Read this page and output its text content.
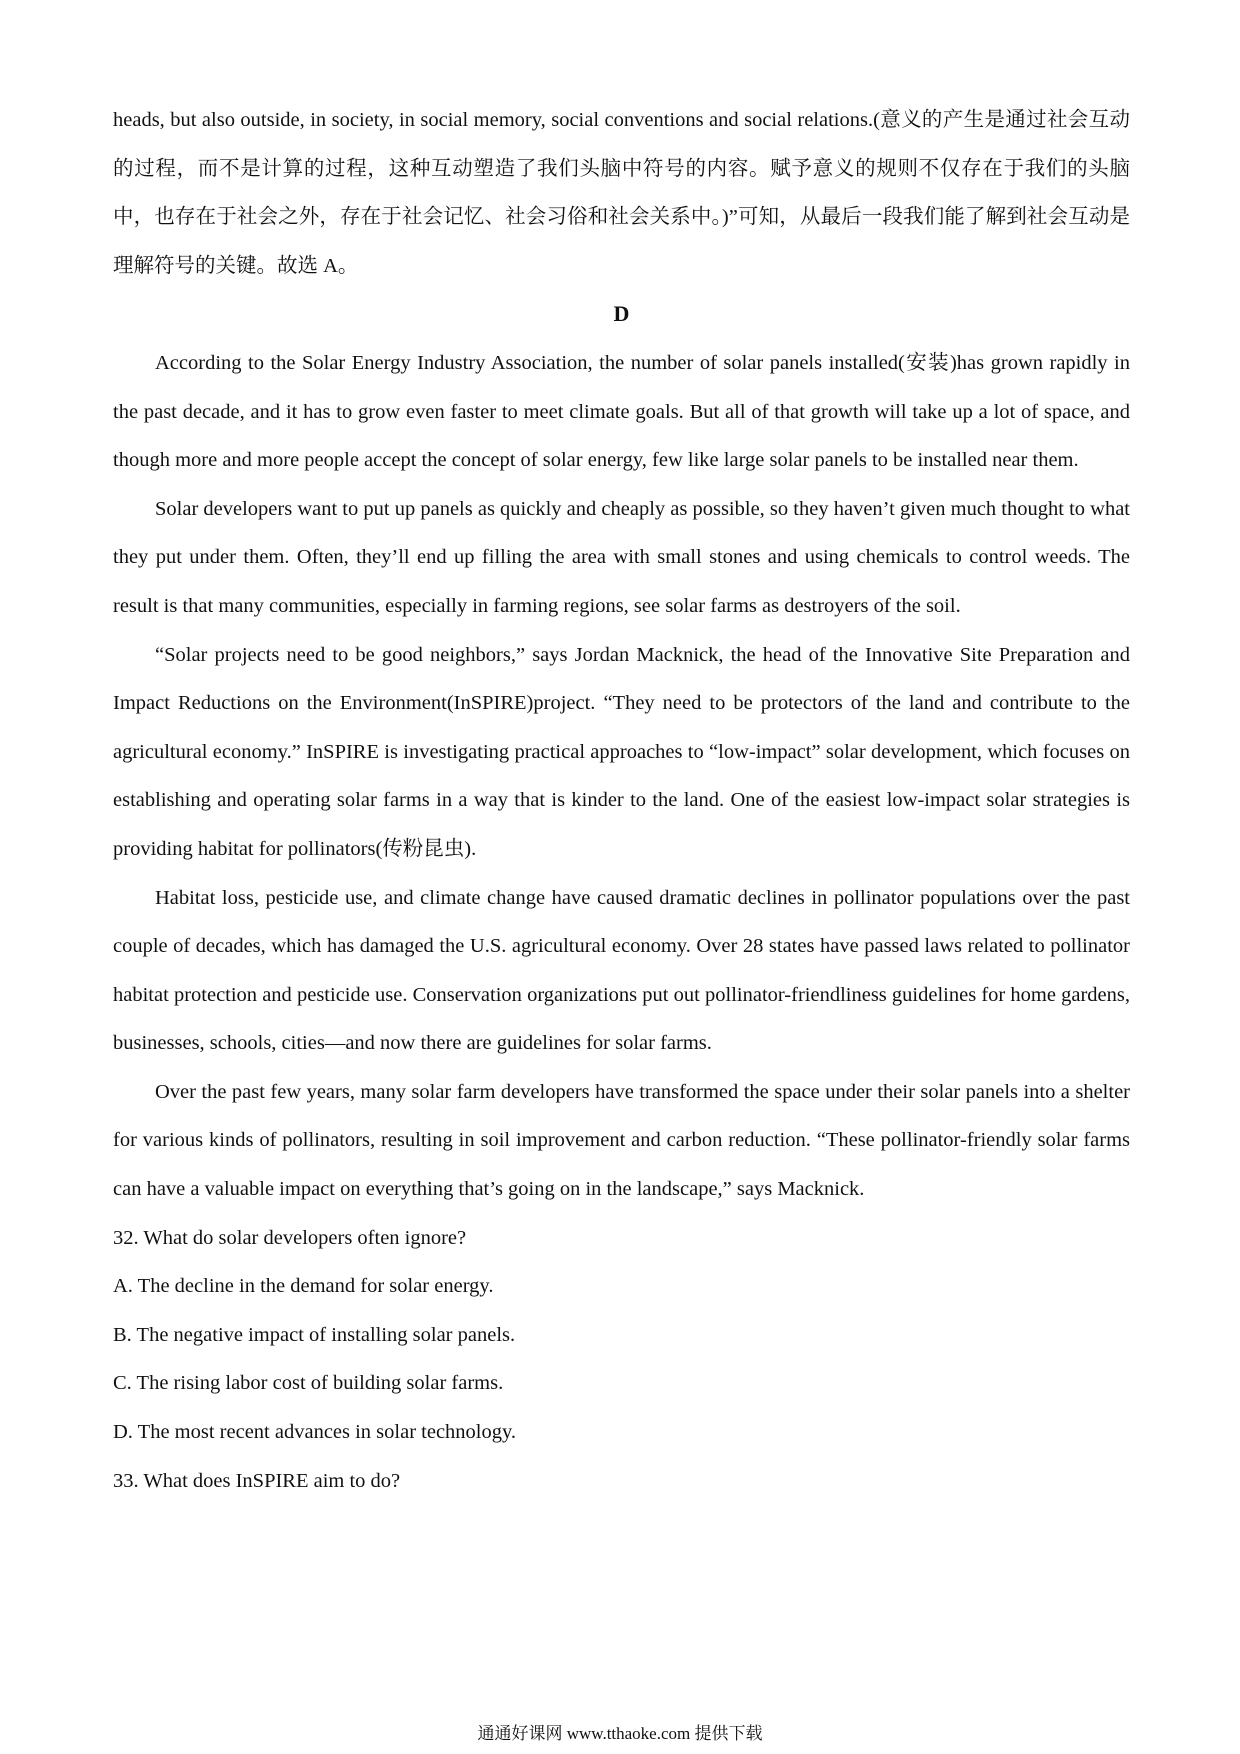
heads, but also outside, in society, in social memory, social conventions and social relations.(意义的产生是通过社会互动的过程，而不是计算的过程，这种互动塑造了我们头脑中符号的内容。赋予意义的规则不仅存在于我们的头脑中，也存在于社会之外，存在于社会记忆、社会习俗和社会关系中。)”可知，从最后一段我们能了解到社会互动是理解符号的关键。故选 A。

D

According to the Solar Energy Industry Association, the number of solar panels installed(安装)has grown rapidly in the past decade, and it has to grow even faster to meet climate goals. But all of that growth will take up a lot of space, and though more and more people accept the concept of solar energy, few like large solar panels to be installed near them.

Solar developers want to put up panels as quickly and cheaply as possible, so they haven’t given much thought to what they put under them. Often, they’ll end up filling the area with small stones and using chemicals to control weeds. The result is that many communities, especially in farming regions, see solar farms as destroyers of the soil.

“Solar projects need to be good neighbors,” says Jordan Macknick, the head of the Innovative Site Preparation and Impact Reductions on the Environment(InSPIRE)project. “They need to be protectors of the land and contribute to the agricultural economy.” InSPIRE is investigating practical approaches to “low-impact” solar development, which focuses on establishing and operating solar farms in a way that is kinder to the land. One of the easiest low-impact solar strategies is providing habitat for pollinators(传粉昆虫).

Habitat loss, pesticide use, and climate change have caused dramatic declines in pollinator populations over the past couple of decades, which has damaged the U.S. agricultural economy. Over 28 states have passed laws related to pollinator habitat protection and pesticide use. Conservation organizations put out pollinator-friendliness guidelines for home gardens, businesses, schools, cities—and now there are guidelines for solar farms.

Over the past few years, many solar farm developers have transformed the space under their solar panels into a shelter for various kinds of pollinators, resulting in soil improvement and carbon reduction. “These pollinator-friendly solar farms can have a valuable impact on everything that’s going on in the landscape,” says Macknick.

32. What do solar developers often ignore?

A. The decline in the demand for solar energy.

B. The negative impact of installing solar panels.

C. The rising labor cost of building solar farms.

D. The most recent advances in solar technology.

33. What does InSPIRE aim to do?

通通好课网 www.tthaoke.com 提供下载
